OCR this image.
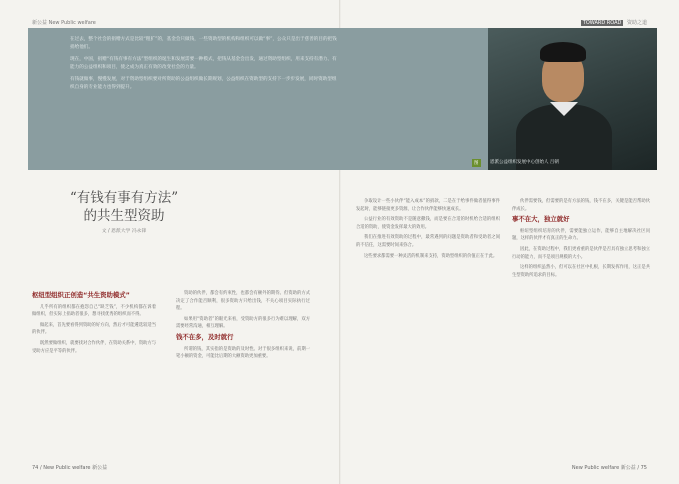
新公益 New Public welfare	TOWARD ROAD 资助之道

在过去，整个社会的捐赠方式是比较“粗犷”的，基金会只做钱，一些资助型的机构和组织可以做“事”，公众只是出于慈善的目的把钱捐给他们。

现在，中国，捐赠“有钱有事有方法”型组织的诞生和发展需要一种模式，把钱从基金会出发，通过资助型组织，用来支持有潜力、有能力的公益组织和项目，使之成为真正有效的改变社会的力量。

有钱就做事，慢慢发展，对于资助型组织要对所资助的公益组织做长期规划，公益组织在资助型的支持下一步步发展，同时资助型组织自身的专业能力也得到提升。

图	恩派公益组织发展中心创始人 吕朝
“有钱有事有方法”
的共生型资助
文 / 恩派大学 冯永锋
枢纽型组织正创造“共生资助模式”

几乎所有的组织都在抱怨自己“缺乏钱”，不少机构都在诉着做组织，但实际上捐助者很多，想寻找优秀的组织而不得。

做起来，首先要看得到资助的好方向，然后才可能遴选较适当的伙伴。

既然要做组织，就要找对合作伙伴，在资助关系中，资助方与受助方应是平等的伙伴。

资助的伙伴，都会有约束性，也都会有额外的期待。但资助的方式决定了合作能否顺利，很多资助方只给出钱，不关心项目实际执行过程。

如果用“资助者”的眼光来看，受资助方的很多行为难以理解，双方需要经常沟通，相互理解。

钱不在多，及时就行

所谓的钱，其实指的是资助的及时性。对于很多组织来说，前期一笔小额的资金，可能比后期的大额资助更加重要。

争取设计一些小伙伴“能入成本”的捐款，二是在于给事件做者值得事件发起时，能够链接更多资源，让合作伙伴能够快速成长。

公益行业的有效资助不是随意撒钱，而是要在合适的时机给合适的组织合适的资助，使资金发挥最大的效用。

我们在推进有效资助的过程中，最常遇到的问题是资助者和受助者之间的不信任，这需要时间来弥合。

这些要求都需要一种灵活的机制来支持，资助型组织的价值正在于此。

伙伴需要钱，但需要的是有方法的钱，钱不在多，关键是能否帮助伙伴成长。

事不在大，独立就好

枢纽型组织培育的伙伴，需要能独立运作，能够自主地解决社区问题，这样的伙伴才有真正的生命力。

因此，在资助过程中，我们更看重的是伙伴是否具有独立思考和独立行动的能力，而不是项目规模的大小。

这样的组织虽然小，但可以在社区中扎根，长期发挥作用，这正是共生型资助所追求的目标。

74 / New Public welfare 新公益	New Public welfare 新公益 / 75
